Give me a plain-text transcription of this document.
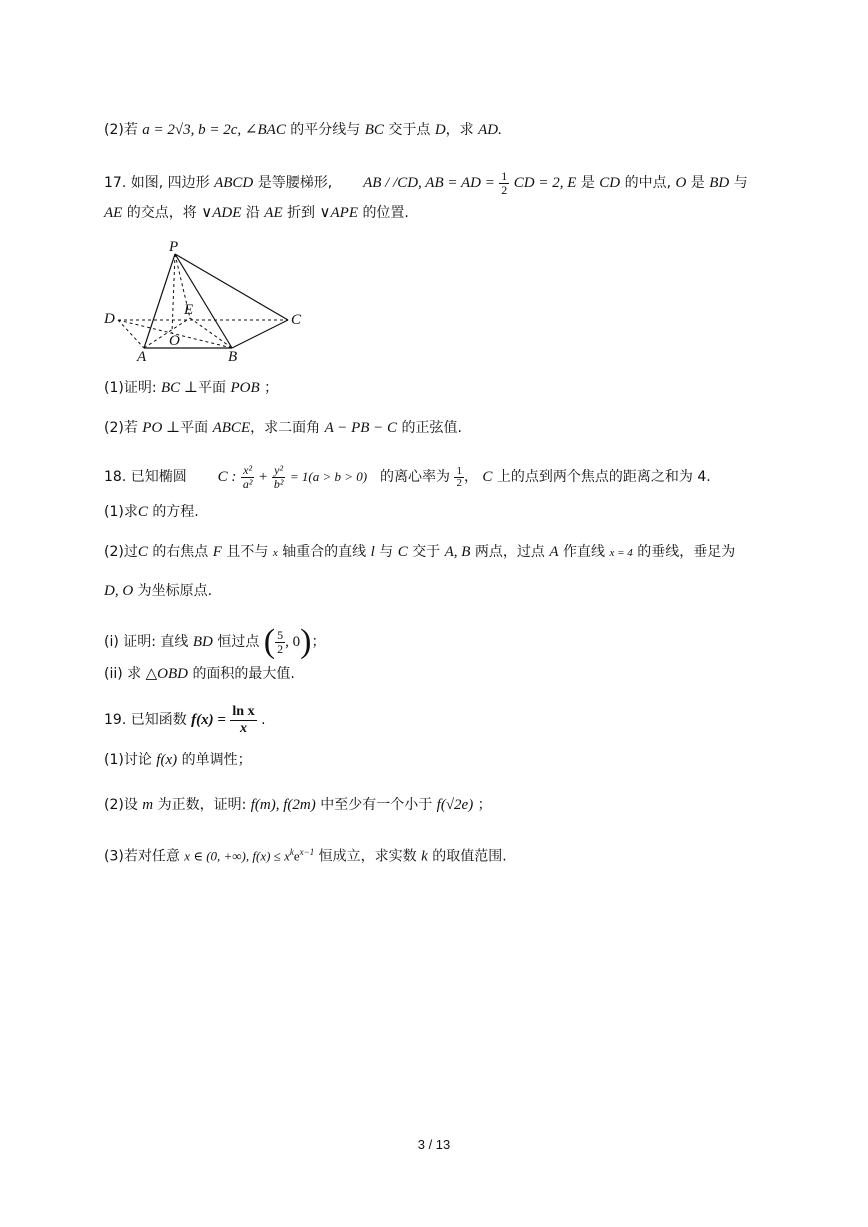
(2)若 a = 2√3, b = 2c, ∠BAC 的平分线与 BC 交于点 D，求 AD.
17. 如图, 四边形 ABCD 是等腰梯形, AB / /CD, AB = AD = $\frac{1}{2}$ CD = 2, E 是 CD 的中点, O 是 BD 与
AE 的交点，将 ∨ADE 沿 AE 折到 ∨APE 的位置.
P
D
E
C
O
A	B
(1)证明: BC ⊥平面 POB ；
(2)若 PO ⊥平面 ABCE，求二面角 A − PB − C 的正弦值.
18. 已知椭圆 C : $\frac{\text{x²}}{\text{a²}} + \frac{\text{y²}}{\text{b²}} = 1(a > b > 0)$ 的离心率为 $\frac{1}{2}$ ， C 上的点到两个焦点的距离之和为 4.
(1)求C 的方程.
(2)过C 的右焦点 F 且不与 x 轴重合的直线 l 与 C 交于 A, B 两点，过点 A 作直线 x = 4 的垂线，垂足为
D, O 为坐标原点.
(i) 证明: 直线 BD 恒过点 ( $\frac{5}{2}$ , 0)；
(ii) 求 △OBD 的面积的最大值.
19. 已知函数 $f(x) = \frac{\text{ln x}}{x}$ .
(1)讨论 f(x) 的单调性；
(2)设 m 为正数，证明: f(m), f(2m) 中至少有一个小于 f(√2e) ；
(3)若对任意 x ∈ (0, +∞), $f(x) \le x^ke^{x-1}$ 恒成立，求实数 k 的取值范围.
3 / 13
